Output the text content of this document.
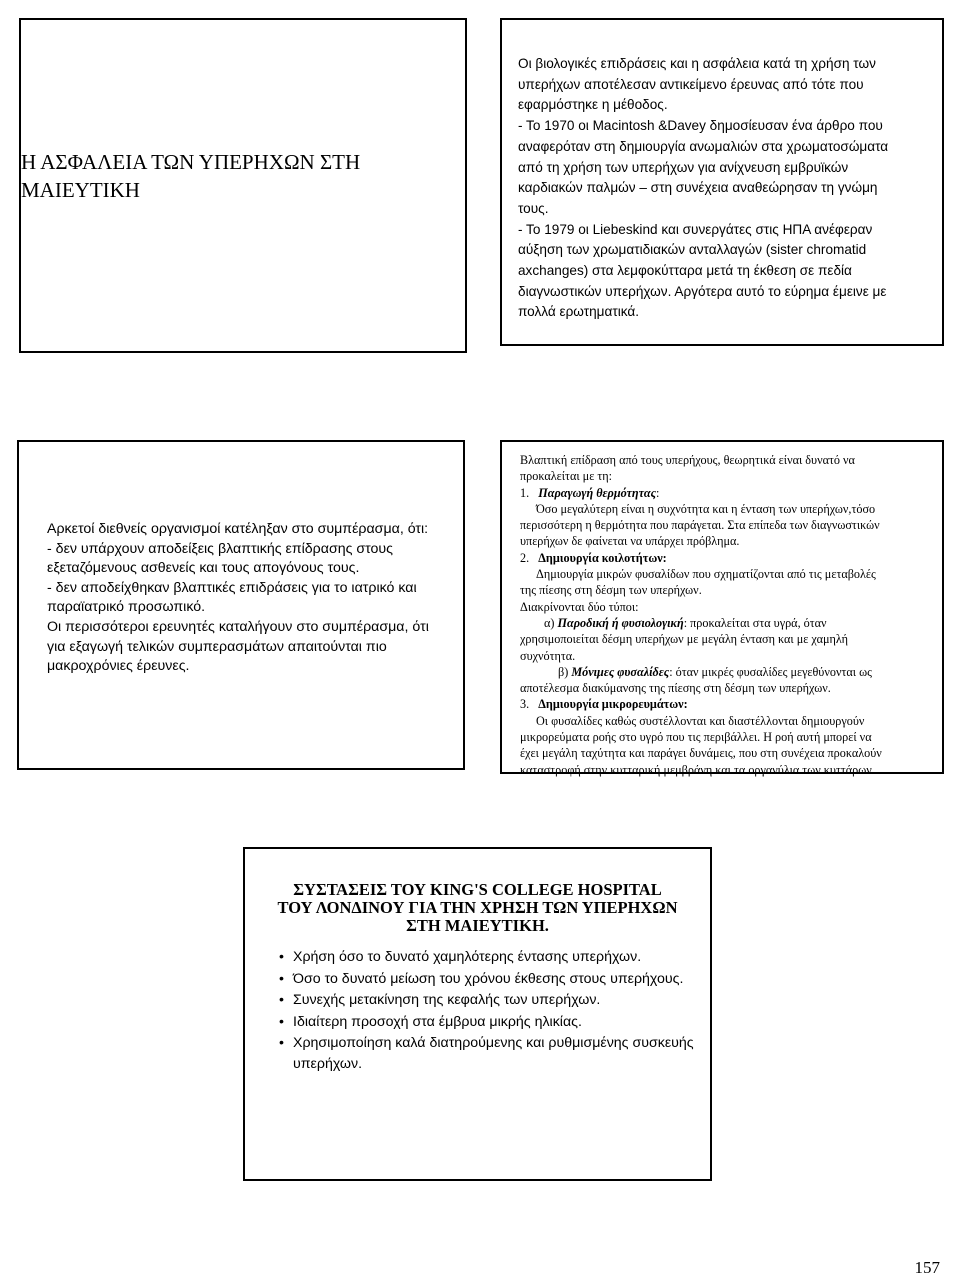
Η ΑΣΦΑΛΕΙΑ ΤΩΝ ΥΠΕΡΗΧΩΝ ΣΤΗ

ΜΑΙΕΥΤΙΚΗ

Οι βιολογικές επιδράσεις και η ασφάλεια κατά τη χρήση των

υπερήχων αποτέλεσαν αντικείμενο έρευνας από τότε που

εφαρμόστηκε η μέθοδος.

- Το 1970 οι Macintosh &Davey δημοσίευσαν ένα άρθρο που

αναφερόταν στη δημιουργία ανωμαλιών στα χρωματοσώματα

από τη χρήση των υπερήχων για ανίχνευση εμβρυϊκών

καρδιακών παλμών – στη συνέχεια αναθεώρησαν τη γνώμη

τους.

- Το 1979 οι Liebeskind και συνεργάτες στις ΗΠΑ ανέφεραν

αύξηση των χρωματιδιακών ανταλλαγών (sister chromatid

axchanges) στα λεμφοκύτταρα μετά τη έκθεση σε πεδία

διαγνωστικών υπερήχων. Αργότερα αυτό το εύρημα έμεινε με

πολλά ερωτηματικά.

Αρκετοί διεθνείς οργανισμοί κατέληξαν στο συμπέρασμα, ότι:

- δεν υπάρχουν αποδείξεις βλαπτικής επίδρασης στους

εξεταζόμενους ασθενείς και τους απογόνους τους.

- δεν αποδείχθηκαν βλαπτικές επιδράσεις για το ιατρικό και

παραϊατρικό προσωπικό.

Οι περισσότεροι ερευνητές καταλήγουν στο συμπέρασμα, ότι

για εξαγωγή τελικών συμπερασμάτων απαιτούνται πιο

μακροχρόνιες έρευνες.

Βλαπτική επίδραση από τους υπερήχους, θεωρητικά είναι δυνατό να

προκαλείται με τη:

1. Παραγωγή θερμότητας:

Όσο μεγαλύτερη είναι η συχνότητα και η ένταση των υπερήχων,τόσο

περισσότερη η θερμότητα που παράγεται. Στα επίπεδα των διαγνωστικών

υπερήχων δε φαίνεται να υπάρχει πρόβλημα.

2. Δημιουργία κοιλοτήτων:

Δημιουργία μικρών φυσαλίδων που σχηματίζονται από τις μεταβολές

της πίεσης στη δέσμη των υπερήχων.

Διακρίνονται δύο τύποι:

α) Παροδική ή φυσιολογική: προκαλείται στα υγρά, όταν

χρησιμοποιείται δέσμη υπερήχων με μεγάλη ένταση και με χαμηλή

συχνότητα.

β) Μόνιμες φυσαλίδες: όταν μικρές φυσαλίδες μεγεθύνονται ως

αποτέλεσμα διακύμανσης της πίεσης στη δέσμη των υπερήχων.

3. Δημιουργία μικρορευμάτων:

Οι φυσαλίδες καθώς συστέλλονται και διαστέλλονται δημιουργούν

μικρορεύματα ροής στο υγρό που τις περιβάλλει. Η ροή αυτή μπορεί να

έχει μεγάλη ταχύτητα και παράγει δυνάμεις, που στη συνέχεια προκαλούν

καταστροφή στην κυτταρική μεμβράνη και τα οργανύλια των κυττάρων.

ΣΥΣΤΑΣΕΙΣ ΤΟΥ KING'S COLLEGE HOSPITAL

ΤΟΥ ΛΟΝΔΙΝΟΥ ΓΙΑ ΤΗΝ ΧΡΗΣΗ ΤΩΝ ΥΠΕΡΗΧΩΝ

ΣΤΗ ΜΑΙΕΥΤΙΚΗ.

• Χρήση όσο το δυνατό χαμηλότερης έντασης υπερήχων.
• Όσο το δυνατό μείωση του χρόνου έκθεσης στους υπερήχους.
• Συνεχής μετακίνηση της κεφαλής των υπερήχων.
• Ιδιαίτερη προσοχή στα έμβρυα μικρής ηλικίας.
• Χρησιμοποίηση καλά διατηρούμενης και ρυθμισμένης συσκευής υπερήχων.
157
